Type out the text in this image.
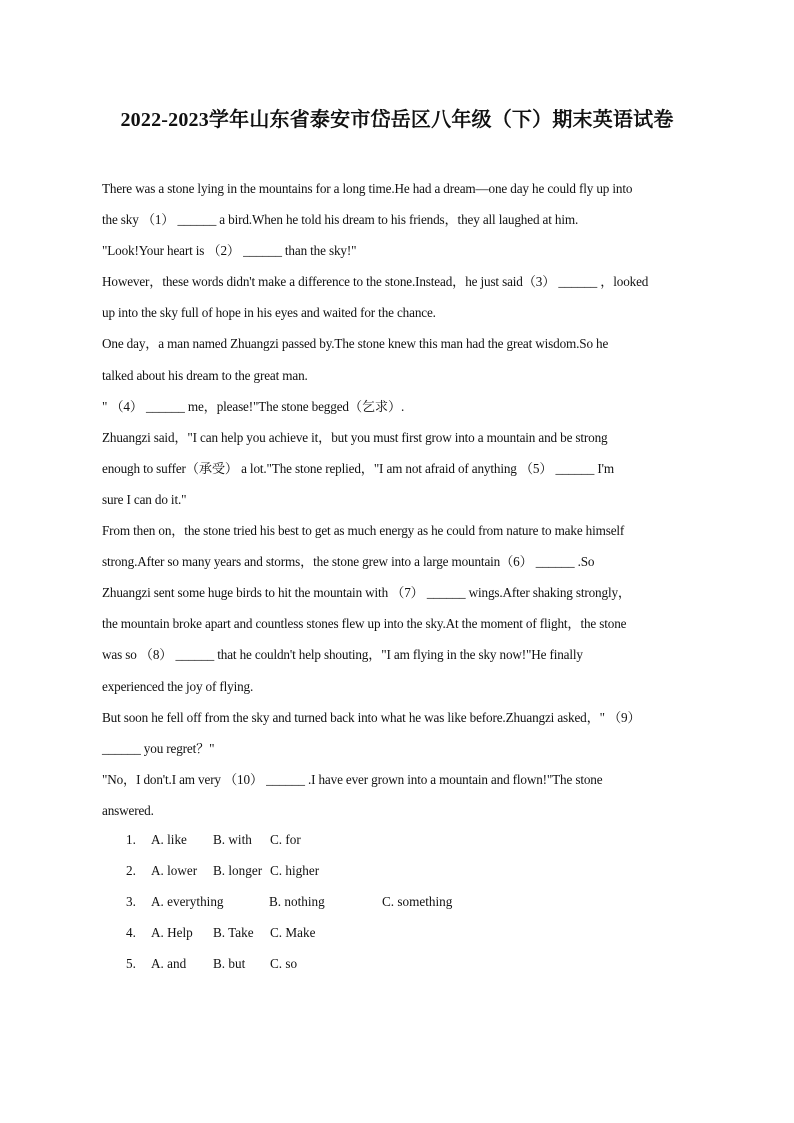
2022-2023学年山东省泰安市岱岳区八年级（下）期末英语试卷
There was a stone lying in the mountains for a long time.He had a dream—one day he could fly up into
the sky （1） ______ a bird.When he told his dream to his friends，they all laughed at him.
"Look!Your heart is （2） ______ than the sky!"
However，these words didn't make a difference to the stone.Instead，he just said（3） ______ ，looked
up into the sky full of hope in his eyes and waited for the chance.
One day，a man named Zhuangzi passed by.The stone knew this man had the great wisdom.So he
talked about his dream to the great man.
" （4） ______ me，please!"The stone begged（乞求）.
Zhuangzi said，"I can help you achieve it，but you must first grow into a mountain and be strong
enough to suffer（承受） a lot."The stone replied，"I am not afraid of anything （5） ______ I'm
sure I can do it."
From then on，the stone tried his best to get as much energy as he could from nature to make himself
strong.After so many years and storms，the stone grew into a large mountain（6） ______ .So
Zhuangzi sent some huge birds to hit the mountain with （7） ______ wings.After shaking strongly，
the mountain broke apart and countless stones flew up into the sky.At the moment of flight，the stone
was so （8） ______ that he couldn't help shouting，"I am flying in the sky now!"He finally
experienced the joy of flying.
But soon he fell off from the sky and turned back into what he was like before.Zhuangzi asked，" （9）
______ you regret？"
"No，I don't.I am very （10） ______ .I have ever grown into a mountain and flown!"The stone
answered.
1. A. like B. with C. for
2. A. lower B. longer C. higher
3. A. everything	B. nothing	C. something
4. A. Help B. Take C. Make
5. A. and B. but C. so
